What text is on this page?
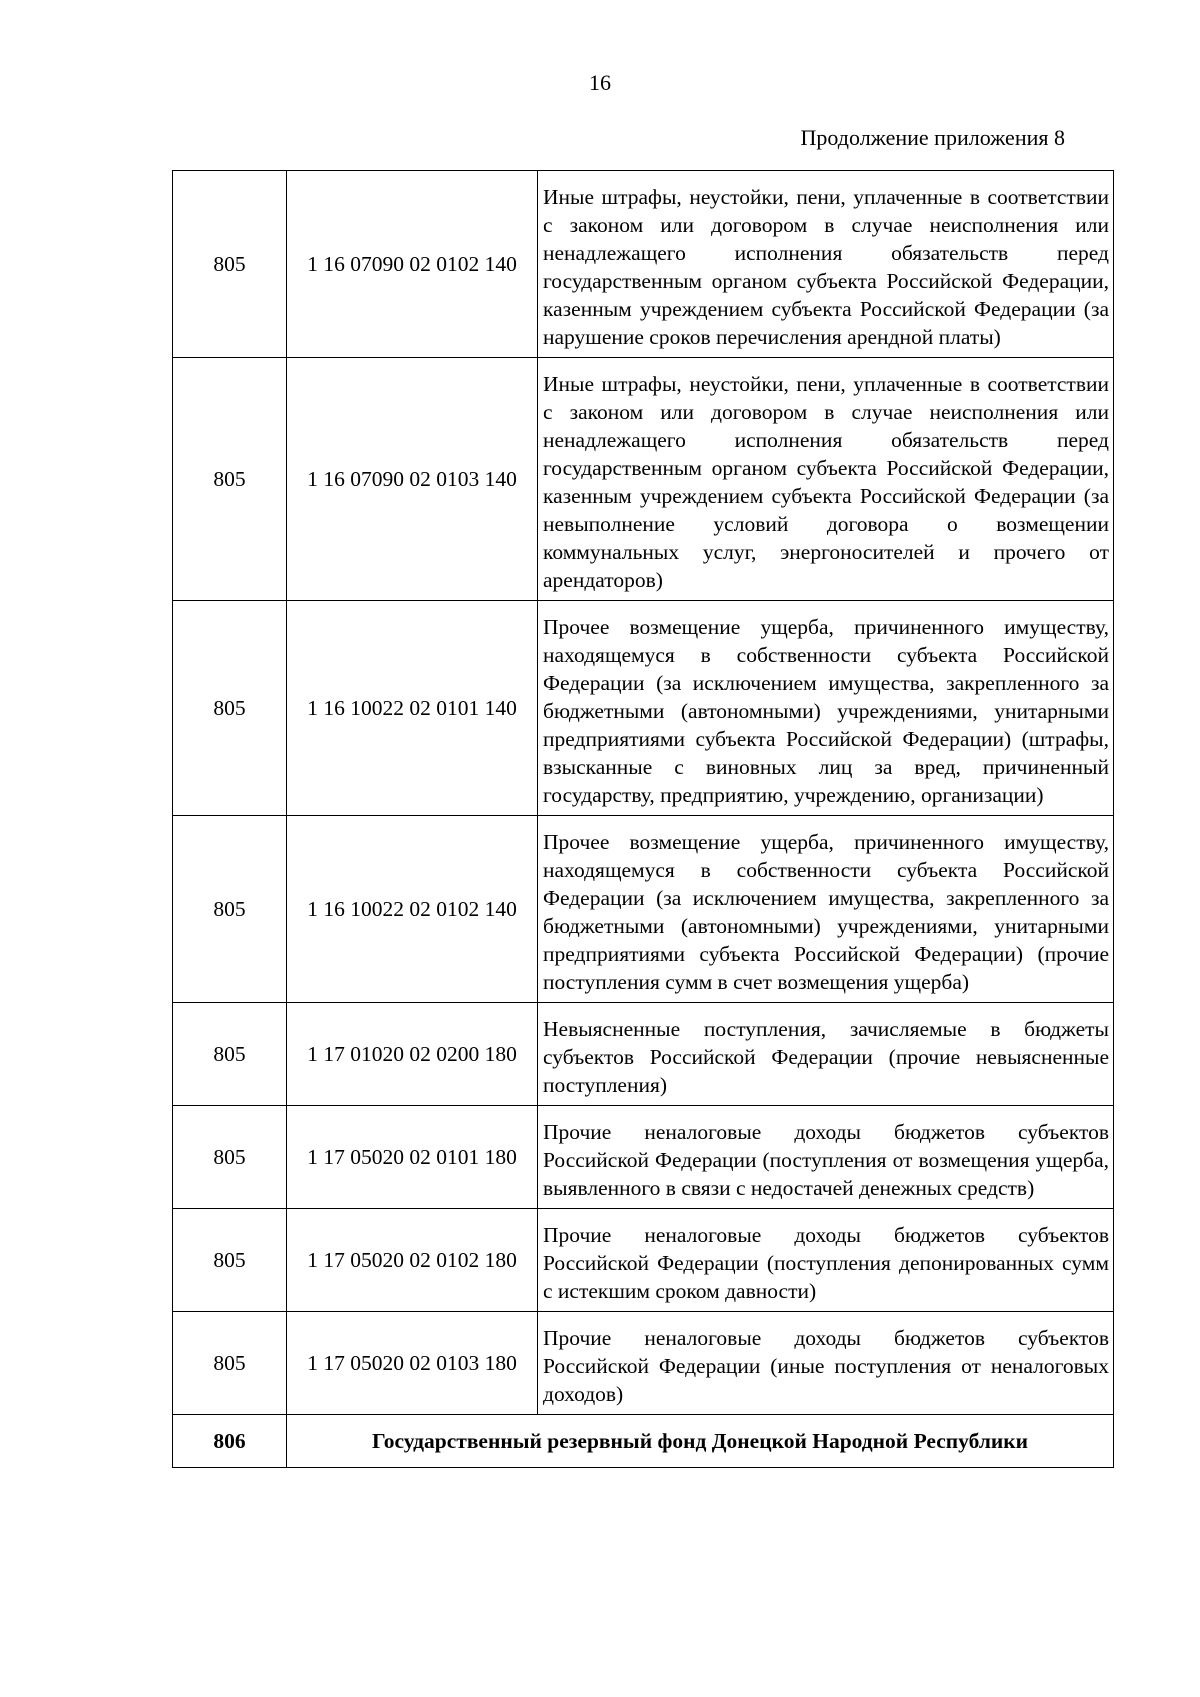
16
Продолжение приложения 8
805	1 16 07090 02 0102 140	Иные штрафы, неустойки, пени, уплаченные в соответствии с законом или договором в случае неисполнения или ненадлежащего исполнения обязательств перед государственным органом субъекта Российской Федерации, казенным учреждением субъекта Российской Федерации (за нарушение сроков перечисления арендной платы)
805	1 16 07090 02 0103 140	Иные штрафы, неустойки, пени, уплаченные в соответствии с законом или договором в случае неисполнения или ненадлежащего исполнения обязательств перед государственным органом субъекта Российской Федерации, казенным учреждением субъекта Российской Федерации (за невыполнение условий договора о возмещении коммунальных услуг, энергоносителей и прочего от арендаторов)
805	1 16 10022 02 0101 140	Прочее возмещение ущерба, причиненного имуществу, находящемуся в собственности субъекта Российской Федерации (за исключением имущества, закрепленного за бюджетными (автономными) учреждениями, унитарными предприятиями субъекта Российской Федерации) (штрафы, взысканные с виновных лиц за вред, причиненный государству, предприятию, учреждению, организации)
805	1 16 10022 02 0102 140	Прочее возмещение ущерба, причиненного имуществу, находящемуся в собственности субъекта Российской Федерации (за исключением имущества, закрепленного за бюджетными (автономными) учреждениями, унитарными предприятиями субъекта Российской Федерации) (прочие поступления сумм в счет возмещения ущерба)
805	1 17 01020 02 0200 180	Невыясненные поступления, зачисляемые в бюджеты субъектов Российской Федерации (прочие невыясненные поступления)
805	1 17 05020 02 0101 180	Прочие неналоговые доходы бюджетов субъектов Российской Федерации (поступления от возмещения ущерба, выявленного в связи с недостачей денежных средств)
805	1 17 05020 02 0102 180	Прочие неналоговые доходы бюджетов субъектов Российской Федерации (поступления депонированных сумм с истекшим сроком давности)
805	1 17 05020 02 0103 180	Прочие неналоговые доходы бюджетов субъектов Российской Федерации (иные поступления от неналоговых доходов)
806	Государственный резервный фонд Донецкой Народной Республики	
